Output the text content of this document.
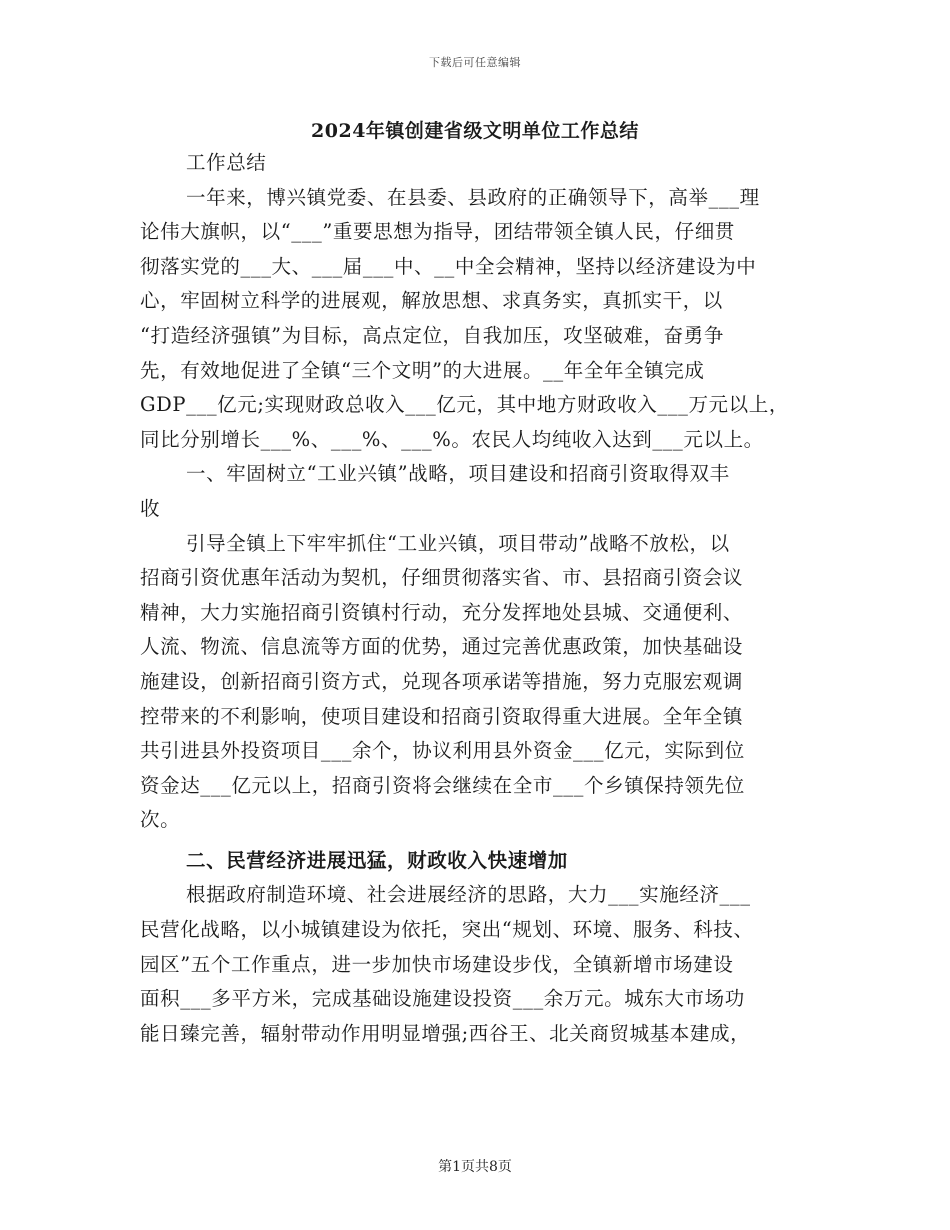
下载后可任意编辑
2024年镇创建省级文明单位工作总结
工作总结
一年来，博兴镇党委、在县委、县政府的正确领导下，高举___理
论伟大旗帜，以“___”重要思想为指导，团结带领全镇人民，仔细贯
彻落实党的___大、___届___中、__中全会精神，坚持以经济建设为中
心，牢固树立科学的进展观，解放思想、求真务实，真抓实干，以
“打造经济强镇”为目标，高点定位，自我加压，攻坚破难，奋勇争
先，有效地促进了全镇“三个文明”的大进展。__年全年全镇完成
GDP___亿元;实现财政总收入___亿元，其中地方财政收入___万元以上，
同比分别增长___%、___%、___%。农民人均纯收入达到___元以上。
一、牢固树立“工业兴镇”战略，项目建设和招商引资取得双丰
收
引导全镇上下牢牢抓住“工业兴镇，项目带动”战略不放松，以
招商引资优惠年活动为契机，仔细贯彻落实省、市、县招商引资会议
精神，大力实施招商引资镇村行动，充分发挥地处县城、交通便利、
人流、物流、信息流等方面的优势，通过完善优惠政策，加快基础设
施建设，创新招商引资方式，兑现各项承诺等措施，努力克服宏观调
控带来的不利影响，使项目建设和招商引资取得重大进展。全年全镇
共引进县外投资项目___余个，协议利用县外资金___亿元，实际到位
资金达___亿元以上，招商引资将会继续在全市___个乡镇保持领先位
次。
二、民营经济进展迅猛，财政收入快速增加
根据政府制造环境、社会进展经济的思路，大力___实施经济___
民营化战略，以小城镇建设为依托，突出“规划、环境、服务、科技、
园区”五个工作重点，进一步加快市场建设步伐，全镇新增市场建设
面积___多平方米，完成基础设施建设投资___余万元。城东大市场功
能日臻完善，辐射带动作用明显增强;西谷王、北关商贸城基本建成，
第1页共8页
